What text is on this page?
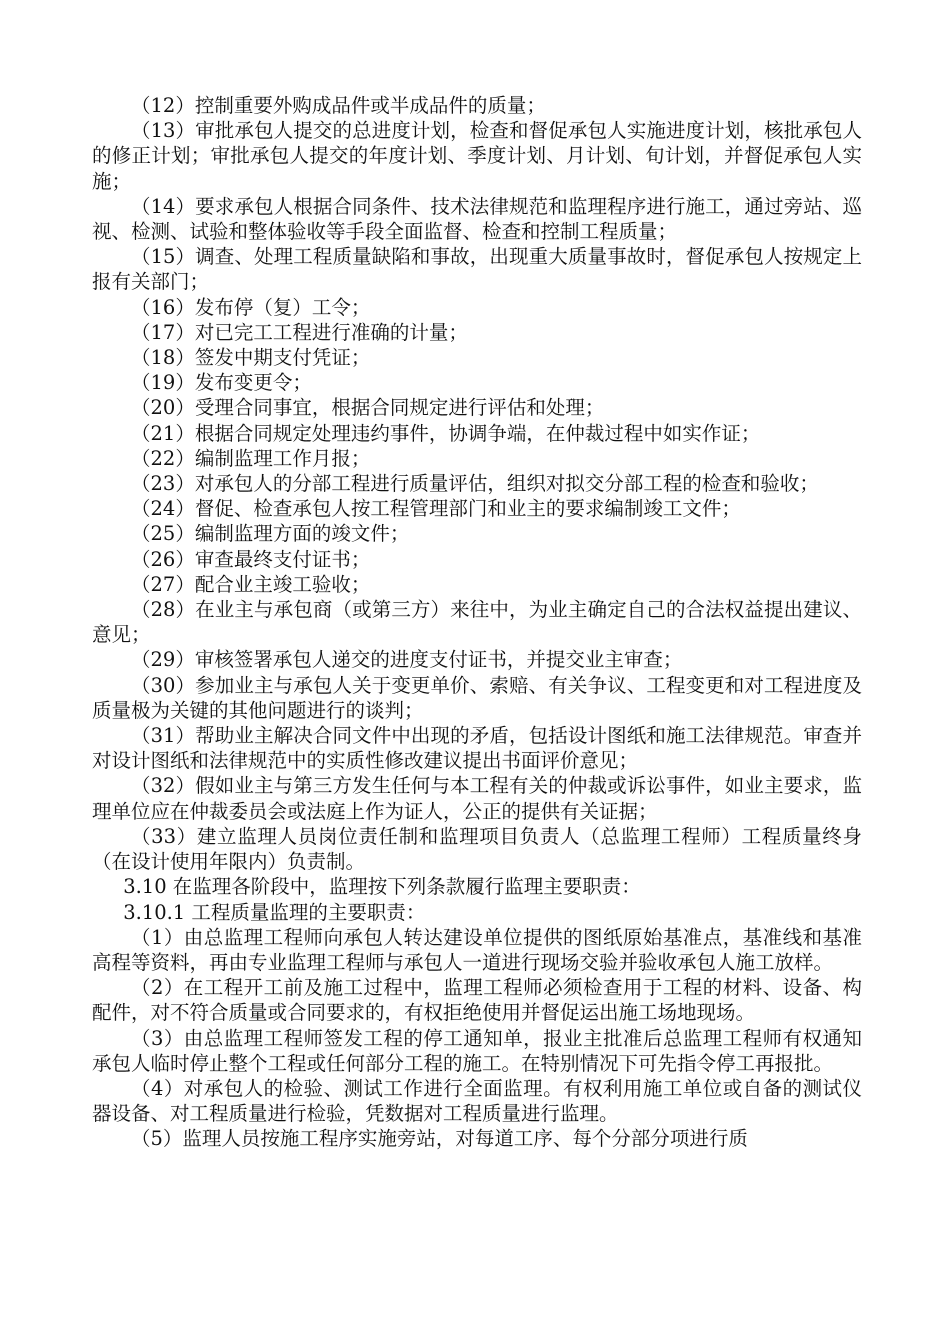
（12）控制重要外购成品件或半成品件的质量；

（13）审批承包人提交的总进度计划，检查和督促承包人实施进度计划，核批承包人的修正计划；审批承包人提交的年度计划、季度计划、月计划、旬计划，并督促承包人实施；

（14）要求承包人根据合同条件、技术法律规范和监理程序进行施工，通过旁站、巡视、检测、试验和整体验收等手段全面监督、检查和控制工程质量；

（15）调查、处理工程质量缺陷和事故，出现重大质量事故时，督促承包人按规定上报有关部门；

（16）发布停（复）工令；

（17）对已完工工程进行准确的计量；

（18）签发中期支付凭证；

（19）发布变更令；

（20）受理合同事宜，根据合同规定进行评估和处理；

（21）根据合同规定处理违约事件，协调争端，在仲裁过程中如实作证；

（22）编制监理工作月报；

（23）对承包人的分部工程进行质量评估，组织对拟交分部工程的检查和验收；

（24）督促、检查承包人按工程管理部门和业主的要求编制竣工文件；

（25）编制监理方面的竣文件；

（26）审查最终支付证书；

（27）配合业主竣工验收；

（28）在业主与承包商（或第三方）来往中，为业主确定自己的合法权益提出建议、意见；

（29）审核签署承包人递交的进度支付证书，并提交业主审查；

（30）参加业主与承包人关于变更单价、索赔、有关争议、工程变更和对工程进度及质量极为关键的其他问题进行的谈判；

（31）帮助业主解决合同文件中出现的矛盾，包括设计图纸和施工法律规范。审查并对设计图纸和法律规范中的实质性修改建议提出书面评价意见；

（32）假如业主与第三方发生任何与本工程有关的仲裁或诉讼事件，如业主要求，监理单位应在仲裁委员会或法庭上作为证人，公正的提供有关证据；

（33）建立监理人员岗位责任制和监理项目负责人（总监理工程师）工程质量终身（在设计使用年限内）负责制。

3.10 在监理各阶段中，监理按下列条款履行监理主要职责：

3.10.1 工程质量监理的主要职责：

（1）由总监理工程师向承包人转达建设单位提供的图纸原始基准点，基准线和基准高程等资料，再由专业监理工程师与承包人一道进行现场交验并验收承包人施工放样。

（2）在工程开工前及施工过程中，监理工程师必须检查用于工程的材料、设备、构配件，对不符合质量或合同要求的，有权拒绝使用并督促运出施工场地现场。

（3）由总监理工程师签发工程的停工通知单，报业主批准后总监理工程师有权通知承包人临时停止整个工程或任何部分工程的施工。在特别情况下可先指令停工再报批。

（4）对承包人的检验、测试工作进行全面监理。有权利用施工单位或自备的测试仪器设备、对工程质量进行检验，凭数据对工程质量进行监理。

（5）监理人员按施工程序实施旁站，对每道工序、每个分部分项进行质
